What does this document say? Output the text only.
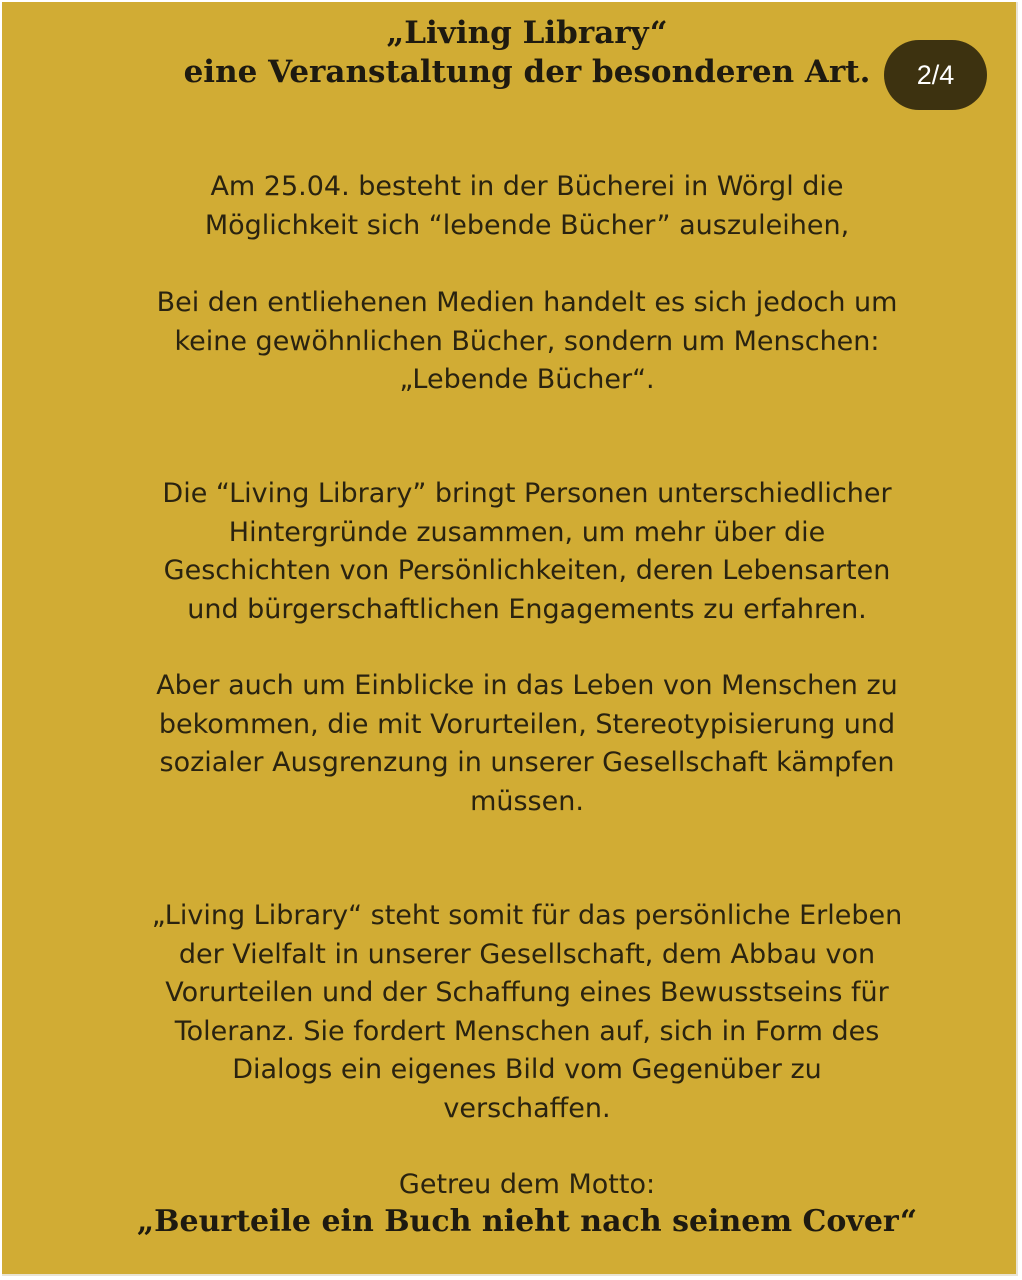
„Living Library“
eine Veranstaltung der besonderen Art.	2/4
Am 25.04. besteht in der Bücherei in Wörgl die
Möglichkeit sich “lebende Bücher” auszuleihen,
Bei den entliehenen Medien handelt es sich jedoch um
keine gewöhnlichen Bücher, sondern um Menschen:
„Lebende Bücher“.
Die “Living Library” bringt Personen unterschiedlicher
Hintergründe zusammen, um mehr über die
Geschichten von Persönlichkeiten, deren Lebensarten
und bürgerschaftlichen Engagements zu erfahren.
Aber auch um Einblicke in das Leben von Menschen zu
bekommen, die mit Vorurteilen, Stereotypisierung und
sozialer Ausgrenzung in unserer Gesellschaft kämpfen
müssen.
„Living Library“ steht somit für das persönliche Erleben
der Vielfalt in unserer Gesellschaft, dem Abbau von
Vorurteilen und der Schaffung eines Bewusstseins für
Toleranz. Sie fordert Menschen auf, sich in Form des
Dialogs ein eigenes Bild vom Gegenüber zu
verschaffen.
Getreu dem Motto:
„Beurteile ein Buch nieht nach seinem Cover“
